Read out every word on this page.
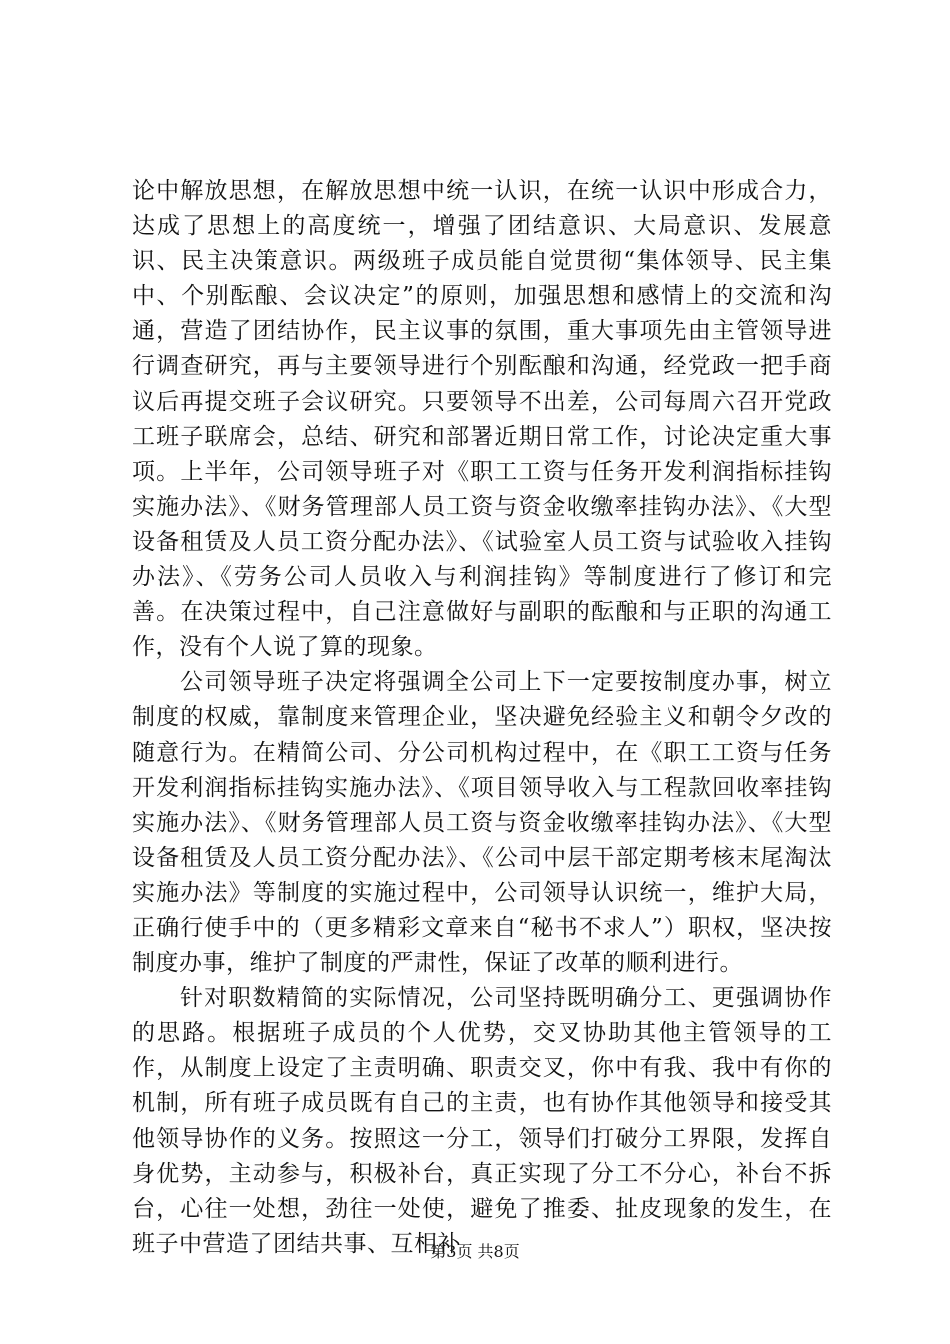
论中解放思想，在解放思想中统一认识，在统一认识中形成合力，达成了思想上的高度统一，增强了团结意识、大局意识、发展意识、民主决策意识。两级班子成员能自觉贯彻“集体领导、民主集中、个别酝酿、会议决定”的原则，加强思想和感情上的交流和沟通，营造了团结协作，民主议事的氛围，重大事项先由主管领导进行调查研究，再与主要领导进行个别酝酿和沟通，经党政一把手商议后再提交班子会议研究。只要领导不出差，公司每周六召开党政工班子联席会，总结、研究和部署近期日常工作，讨论决定重大事项。上半年，公司领导班子对《职工工资与任务开发利润指标挂钩实施办法》、《财务管理部人员工资与资金收缴率挂钩办法》、《大型设备租赁及人员工资分配办法》、《试验室人员工资与试验收入挂钩办法》、《劳务公司人员收入与利润挂钩》等制度进行了修订和完善。在决策过程中，自己注意做好与副职的酝酿和与正职的沟通工作，没有个人说了算的现象。

公司领导班子决定将强调全公司上下一定要按制度办事，树立制度的权威，靠制度来管理企业，坚决避免经验主义和朝令夕改的随意行为。在精简公司、分公司机构过程中，在《职工工资与任务开发利润指标挂钩实施办法》、《项目领导收入与工程款回收率挂钩实施办法》、《财务管理部人员工资与资金收缴率挂钩办法》、《大型设备租赁及人员工资分配办法》、《公司中层干部定期考核末尾淘汰实施办法》等制度的实施过程中，公司领导认识统一，维护大局，正确行使手中的（更多精彩文章来自“秘书不求人”）职权，坚决按制度办事，维护了制度的严肃性，保证了改革的顺利进行。

针对职数精简的实际情况，公司坚持既明确分工、更强调协作的思路。根据班子成员的个人优势，交叉协助其他主管领导的工作，从制度上设定了主责明确、职责交叉，你中有我、我中有你的机制，所有班子成员既有自己的主责，也有协作其他领导和接受其他领导协作的义务。按照这一分工，领导们打破分工界限，发挥自身优势，主动参与，积极补台，真正实现了分工不分心，补台不拆台，心往一处想，劲往一处使，避免了推委、扯皮现象的发生，在班子中营造了团结共事、互相补

第3页 共8页
